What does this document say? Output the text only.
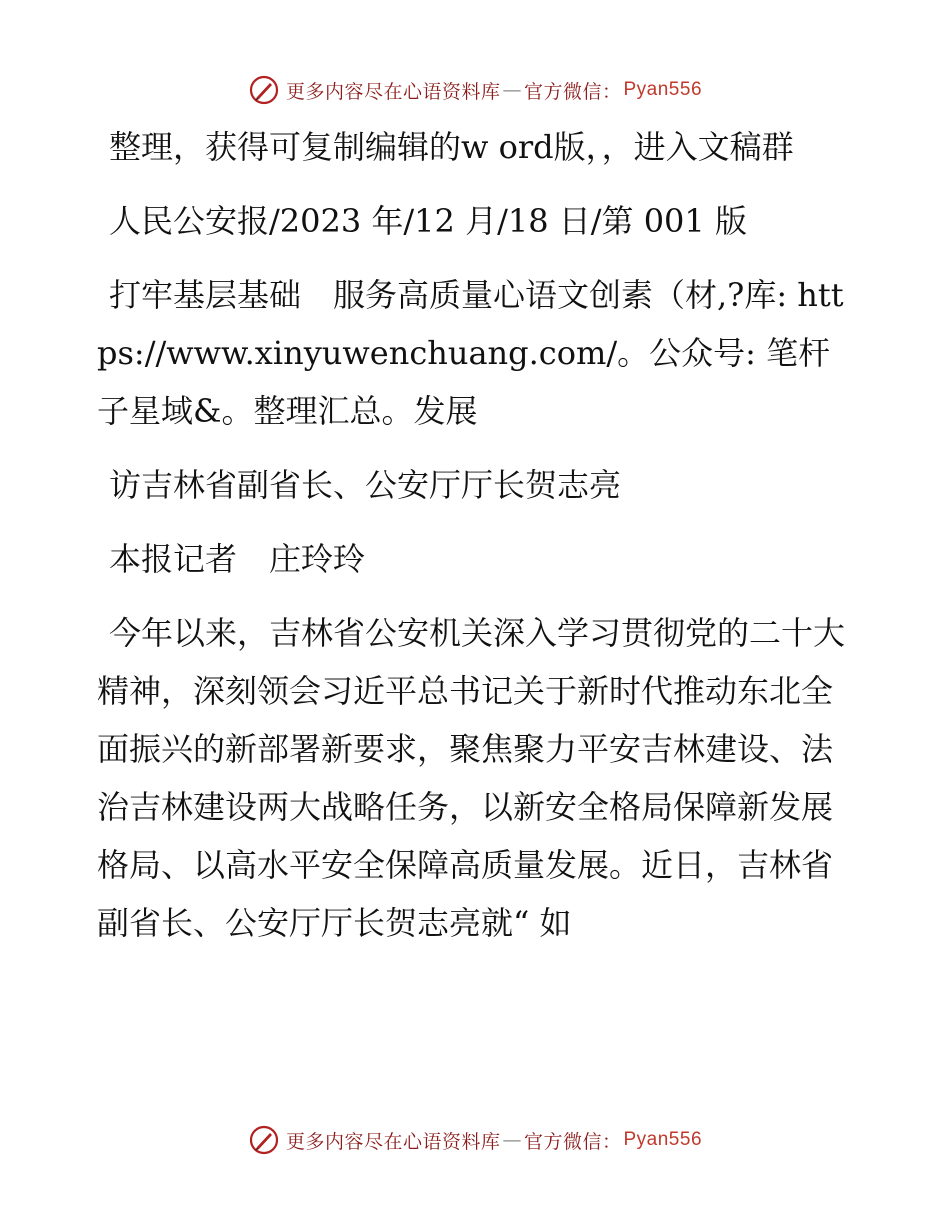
更多内容尽在心语资料库 — 官方微信： Pyan556

整理，获得可复制编辑的w ord版，，进入文稿群

人民公安报/2023 年/12 月/18 日/第 001 版

打牢基层基础　服务高质量心语文创素（材,?库: https://www.xinyuwenchuang.com/。公众号: 笔杆子星域&。整理汇总。发展

访吉林省副省长、公安厅厅长贺志亮

本报记者　庄玲玲

今年以来，吉林省公安机关深入学习贯彻党的二十大精神，深刻领会习近平总书记关于新时代推动东北全面振兴的新部署新要求，聚焦聚力平安吉林建设、法治吉林建设两大战略任务，以新安全格局保障新发展格局、以高水平安全保障高质量发展。近日，吉林省副省长、公安厅厅长贺志亮就“ 如

更多内容尽在心语资料库 — 官方微信： Pyan556
